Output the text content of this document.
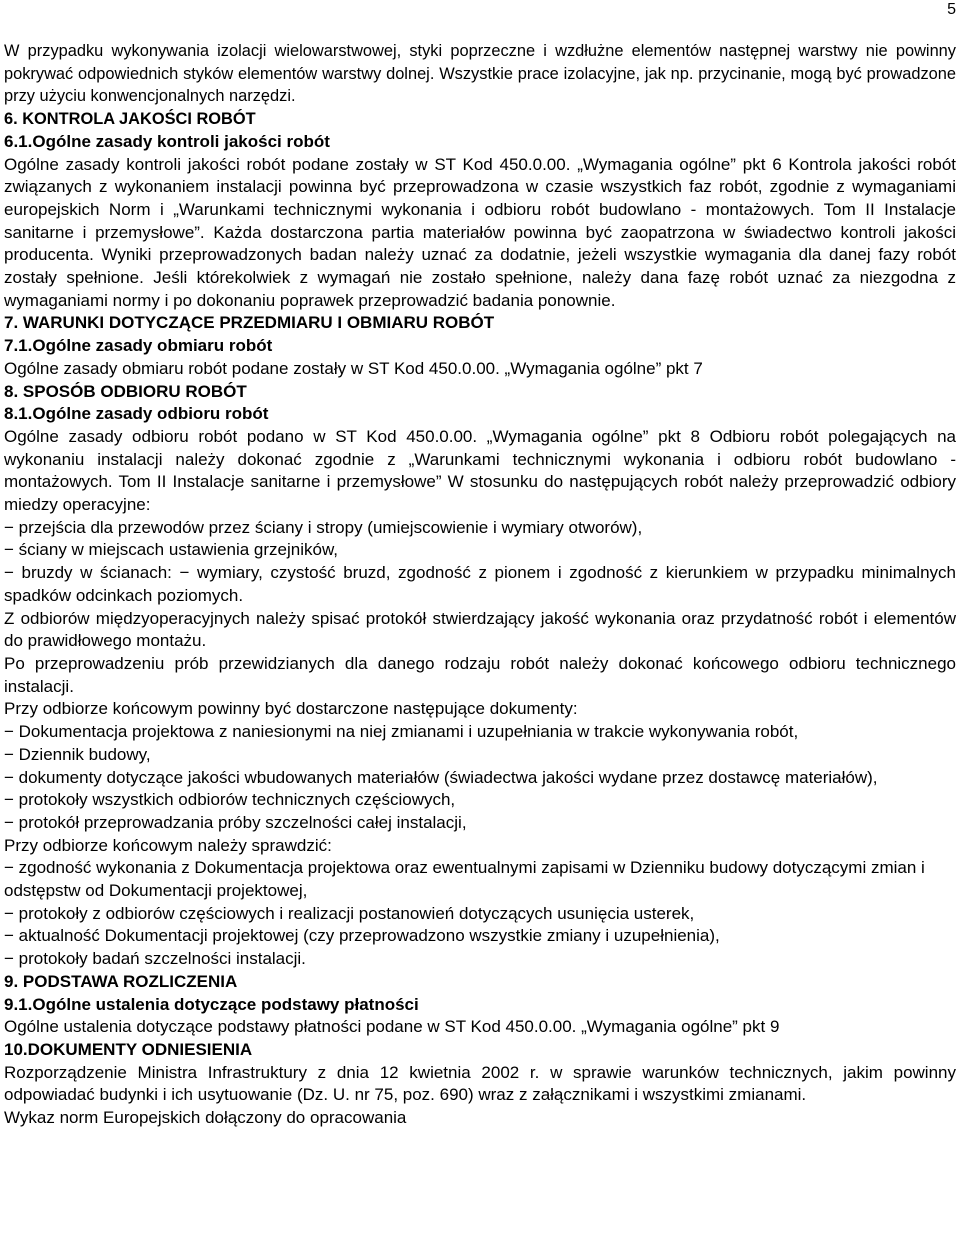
5

W przypadku wykonywania izolacji wielowarstwowej, styki poprzeczne i wzdłużne elementów następnej warstwy nie powinny pokrywać odpowiednich styków elementów warstwy dolnej. Wszystkie prace izolacyjne, jak np. przycinanie, mogą być prowadzone przy użyciu konwencjonalnych narzędzi.

6. KONTROLA JAKOŚCI ROBÓT
6.1.Ogólne zasady kontroli jakości robót

Ogólne zasady kontroli jakości robót podane zostały w ST Kod 450.0.00. „Wymagania ogólne” pkt 6 Kontrola jakości robót związanych z wykonaniem instalacji powinna być przeprowadzona w czasie wszystkich faz robót, zgodnie z wymaganiami europejskich Norm i „Warunkami technicznymi wykonania i odbioru robót budowlano - montażowych. Tom II Instalacje sanitarne i przemysłowe”. Każda dostarczona partia materiałów powinna być zaopatrzona w świadectwo kontroli jakości producenta. Wyniki przeprowadzonych badan należy uznać za dodatnie, jeżeli wszystkie wymagania dla danej fazy robót zostały spełnione. Jeśli którekolwiek z wymagań nie zostało spełnione, należy dana fazę robót uznać za niezgodna z wymaganiami normy i po dokonaniu poprawek przeprowadzić badania ponownie.

7. WARUNKI DOTYCZĄCE PRZEDMIARU I OBMIARU ROBÓT
7.1.Ogólne zasady obmiaru robót
Ogólne zasady obmiaru robót podane zostały w ST Kod 450.0.00. „Wymagania ogólne” pkt 7
8. SPOSÓB ODBIORU ROBÓT
8.1.Ogólne zasady odbioru robót

Ogólne zasady odbioru robót podano w ST Kod 450.0.00. „Wymagania ogólne” pkt 8 Odbioru robót polegających na wykonaniu instalacji należy dokonać zgodnie z „Warunkami technicznymi wykonania i odbioru robót budowlano - montażowych. Tom II Instalacje sanitarne i przemysłowe” W stosunku do następujących robót należy przeprowadzić odbiory miedzy operacyjne:

− przejścia dla przewodów przez ściany i stropy (umiejscowienie i wymiary otworów),
− ściany w miejscach ustawienia grzejników,
− bruzdy w ścianach: − wymiary, czystość bruzd, zgodność z pionem i zgodność z kierunkiem w przypadku minimalnych spadków odcinkach poziomych.

Z odbiorów międzyoperacyjnych należy spisać protokół stwierdzający jakość wykonania oraz przydatność robót i elementów do prawidłowego montażu.

Po przeprowadzeniu prób przewidzianych dla danego rodzaju robót należy dokonać końcowego odbioru technicznego instalacji.

Przy odbiorze końcowym powinny być dostarczone następujące dokumenty:
− Dokumentacja projektowa z naniesionymi na niej zmianami i uzupełniania w trakcie wykonywania robót,
− Dziennik budowy,
− dokumenty dotyczące jakości wbudowanych materiałów (świadectwa jakości wydane przez dostawcę materiałów),
− protokoły wszystkich odbiorów technicznych częściowych,
− protokół przeprowadzania próby szczelności całej instalacji,
Przy odbiorze końcowym należy sprawdzić:
− zgodność wykonania z Dokumentacja projektowa oraz ewentualnymi zapisami w Dzienniku budowy dotyczącymi zmian i odstępstw od Dokumentacji projektowej,
− protokoły z odbiorów częściowych i realizacji postanowień dotyczących usunięcia usterek,
− aktualność Dokumentacji projektowej (czy przeprowadzono wszystkie zmiany i uzupełnienia),
− protokoły badań szczelności instalacji.
9. PODSTAWA ROZLICZENIA
9.1.Ogólne ustalenia dotyczące podstawy płatności
Ogólne ustalenia dotyczące podstawy płatności podane w ST Kod 450.0.00. „Wymagania ogólne” pkt 9
10.DOKUMENTY ODNIESIENIA

Rozporządzenie Ministra Infrastruktury z dnia 12 kwietnia 2002 r. w sprawie warunków technicznych, jakim powinny odpowiadać budynki i ich usytuowanie (Dz. U. nr 75, poz. 690) wraz z załącznikami i wszystkimi zmianami.

Wykaz norm Europejskich dołączony do opracowania
